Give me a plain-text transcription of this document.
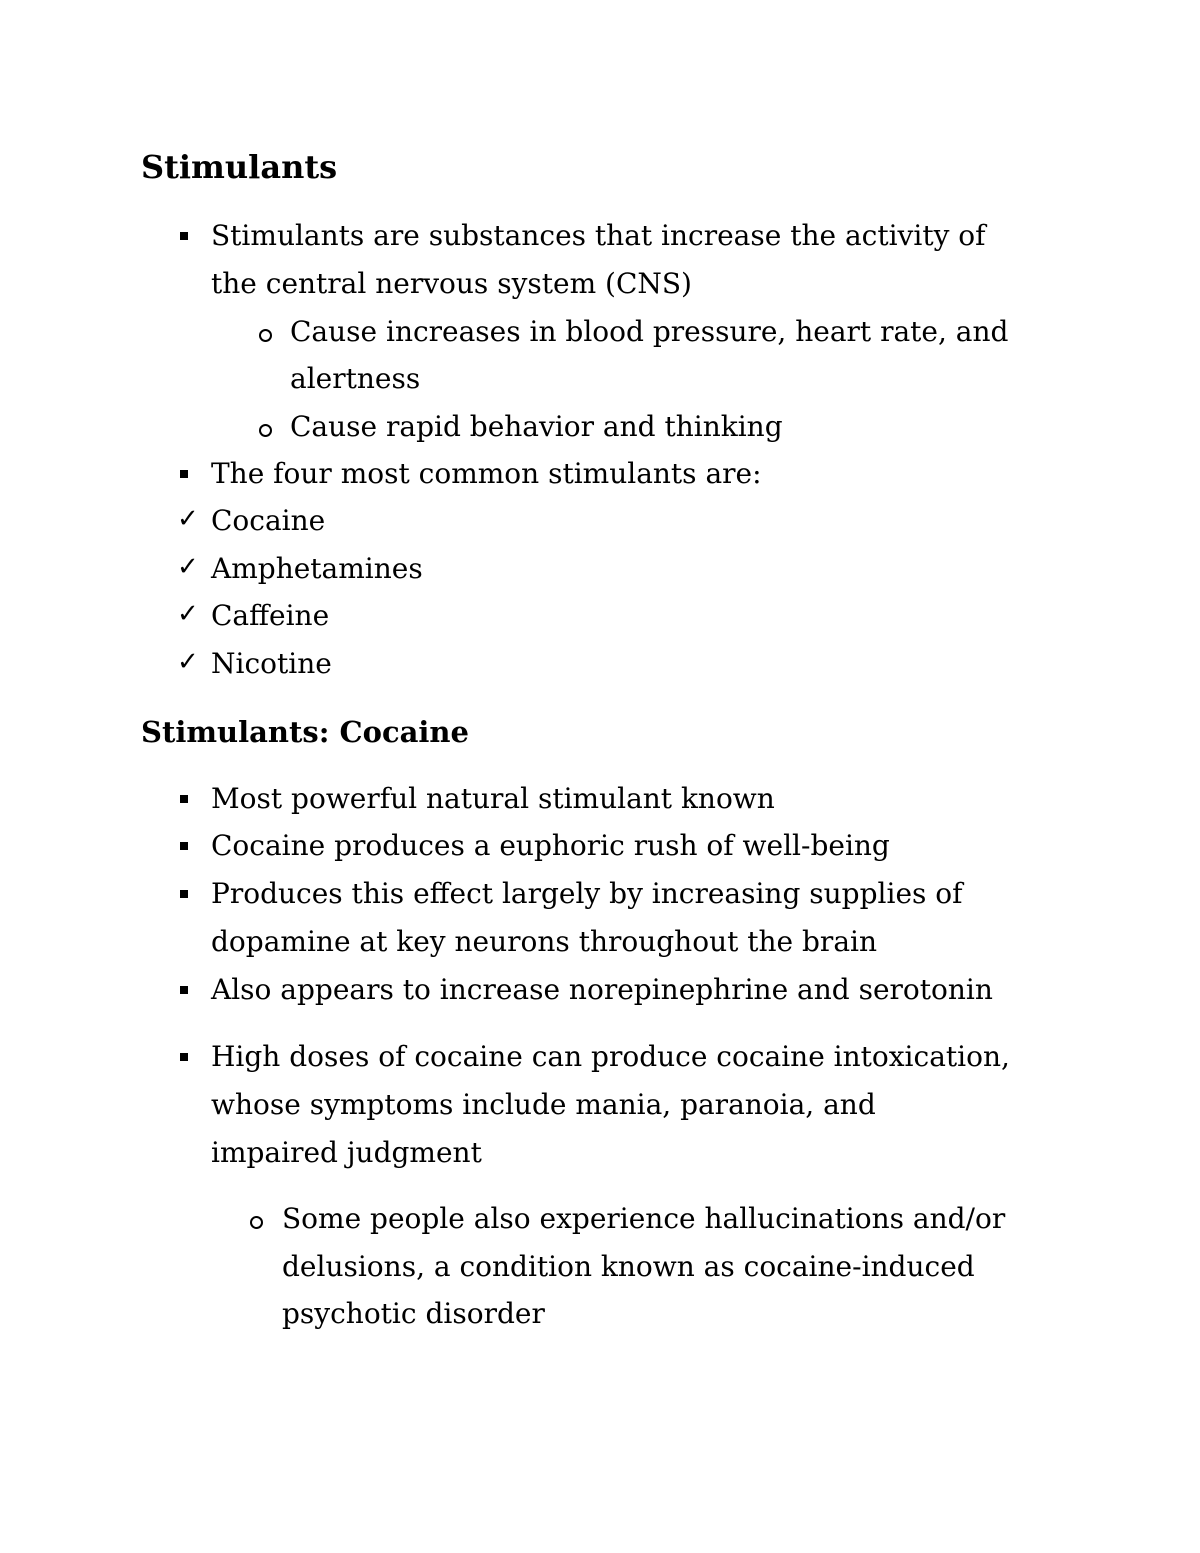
Stimulants

Stimulants are substances that increase the activity of

the central nervous system (CNS)

Cause increases in blood pressure, heart rate, and

alertness

Cause rapid behavior and thinking

The four most common stimulants are:

✓ Cocaine

✓ Amphetamines

✓ Caffeine

✓ Nicotine

Stimulants: Cocaine

Most powerful natural stimulant known

Cocaine produces a euphoric rush of well-being

Produces this effect largely by increasing supplies of

dopamine at key neurons throughout the brain

Also appears to increase norepinephrine and serotonin

High doses of cocaine can produce cocaine intoxication,

whose symptoms include mania, paranoia, and

impaired judgment

Some people also experience hallucinations and/or

delusions, a condition known as cocaine-induced

psychotic disorder
